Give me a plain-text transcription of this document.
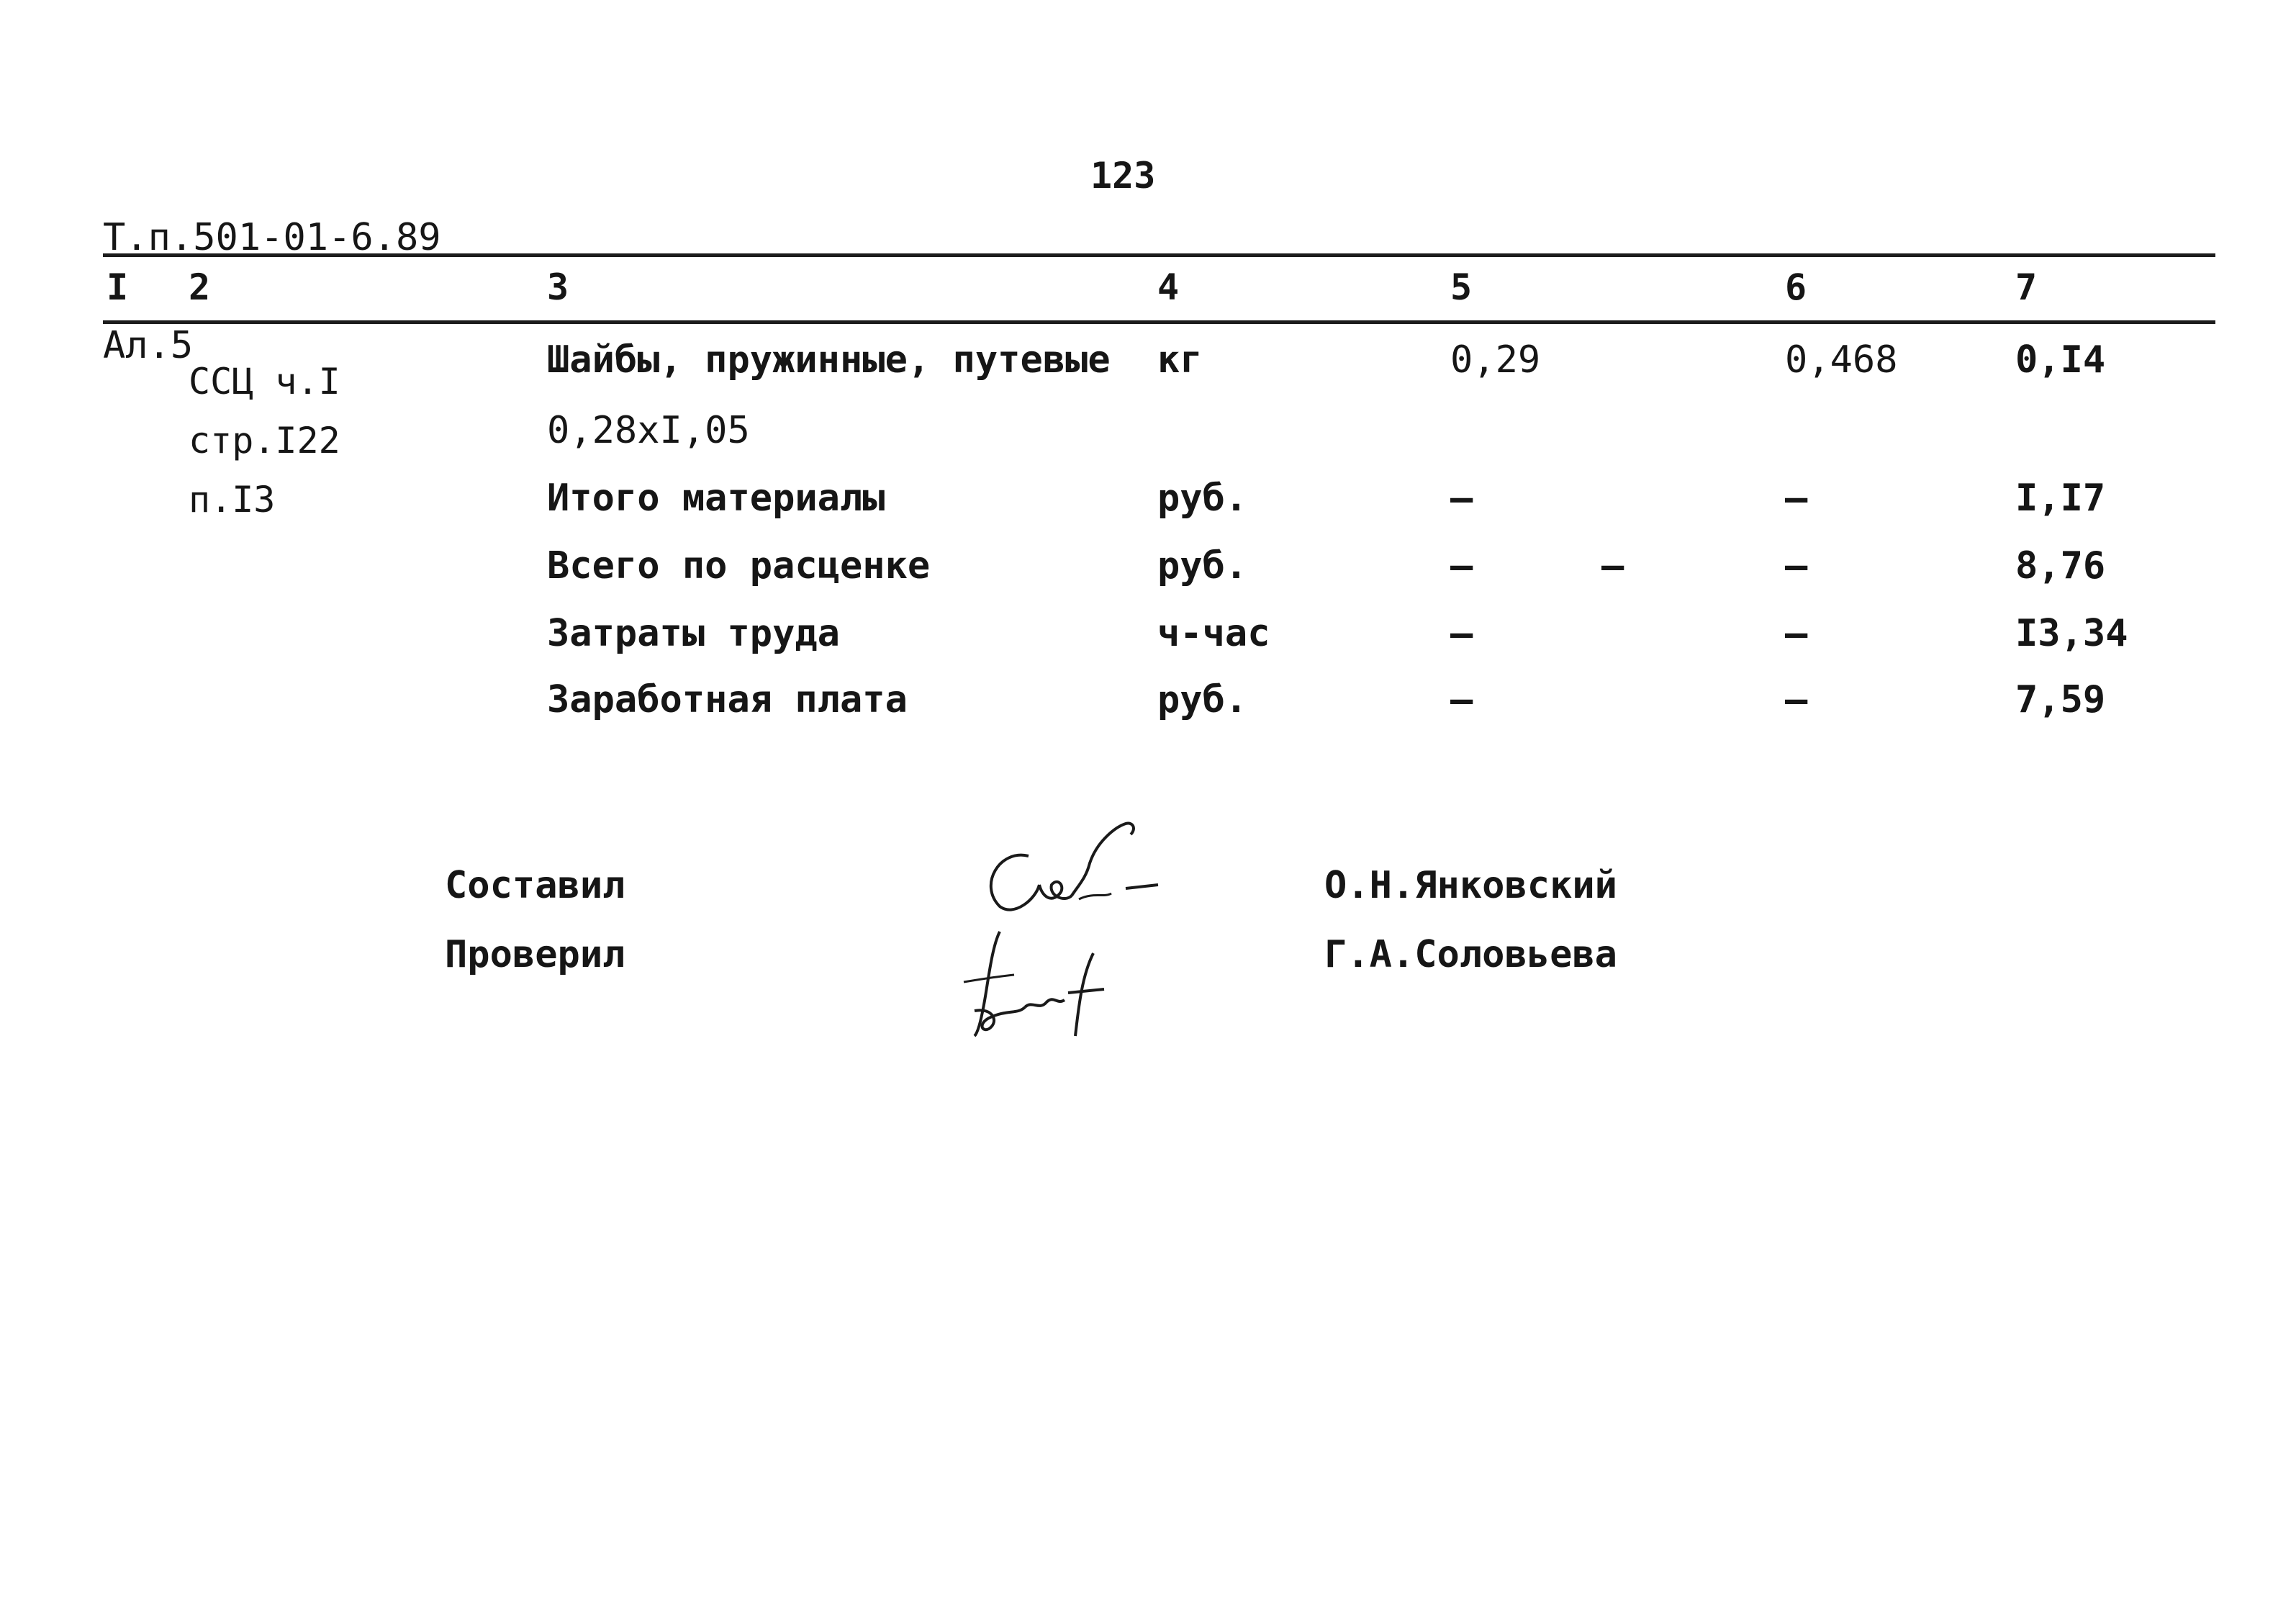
Т.п.501-01-6.89

Ал.5

123
I 2	3	4	5	6	7

ССЦ ч.I

стр.I22

п.I3

Шайбы, пружинные, путевые кг	0,29	0,468	0,I4
0,28xI,05
Итого материалы	руб.	–	–	I,I7
Всего по расценке	руб.	–	–	–	8,76
Затраты труда	ч-час	–	–	I3,34
Заработная плата	руб.	–	–	7,59
Составил	О.Н.Янковский
Проверил	Г.А.Соловьева
